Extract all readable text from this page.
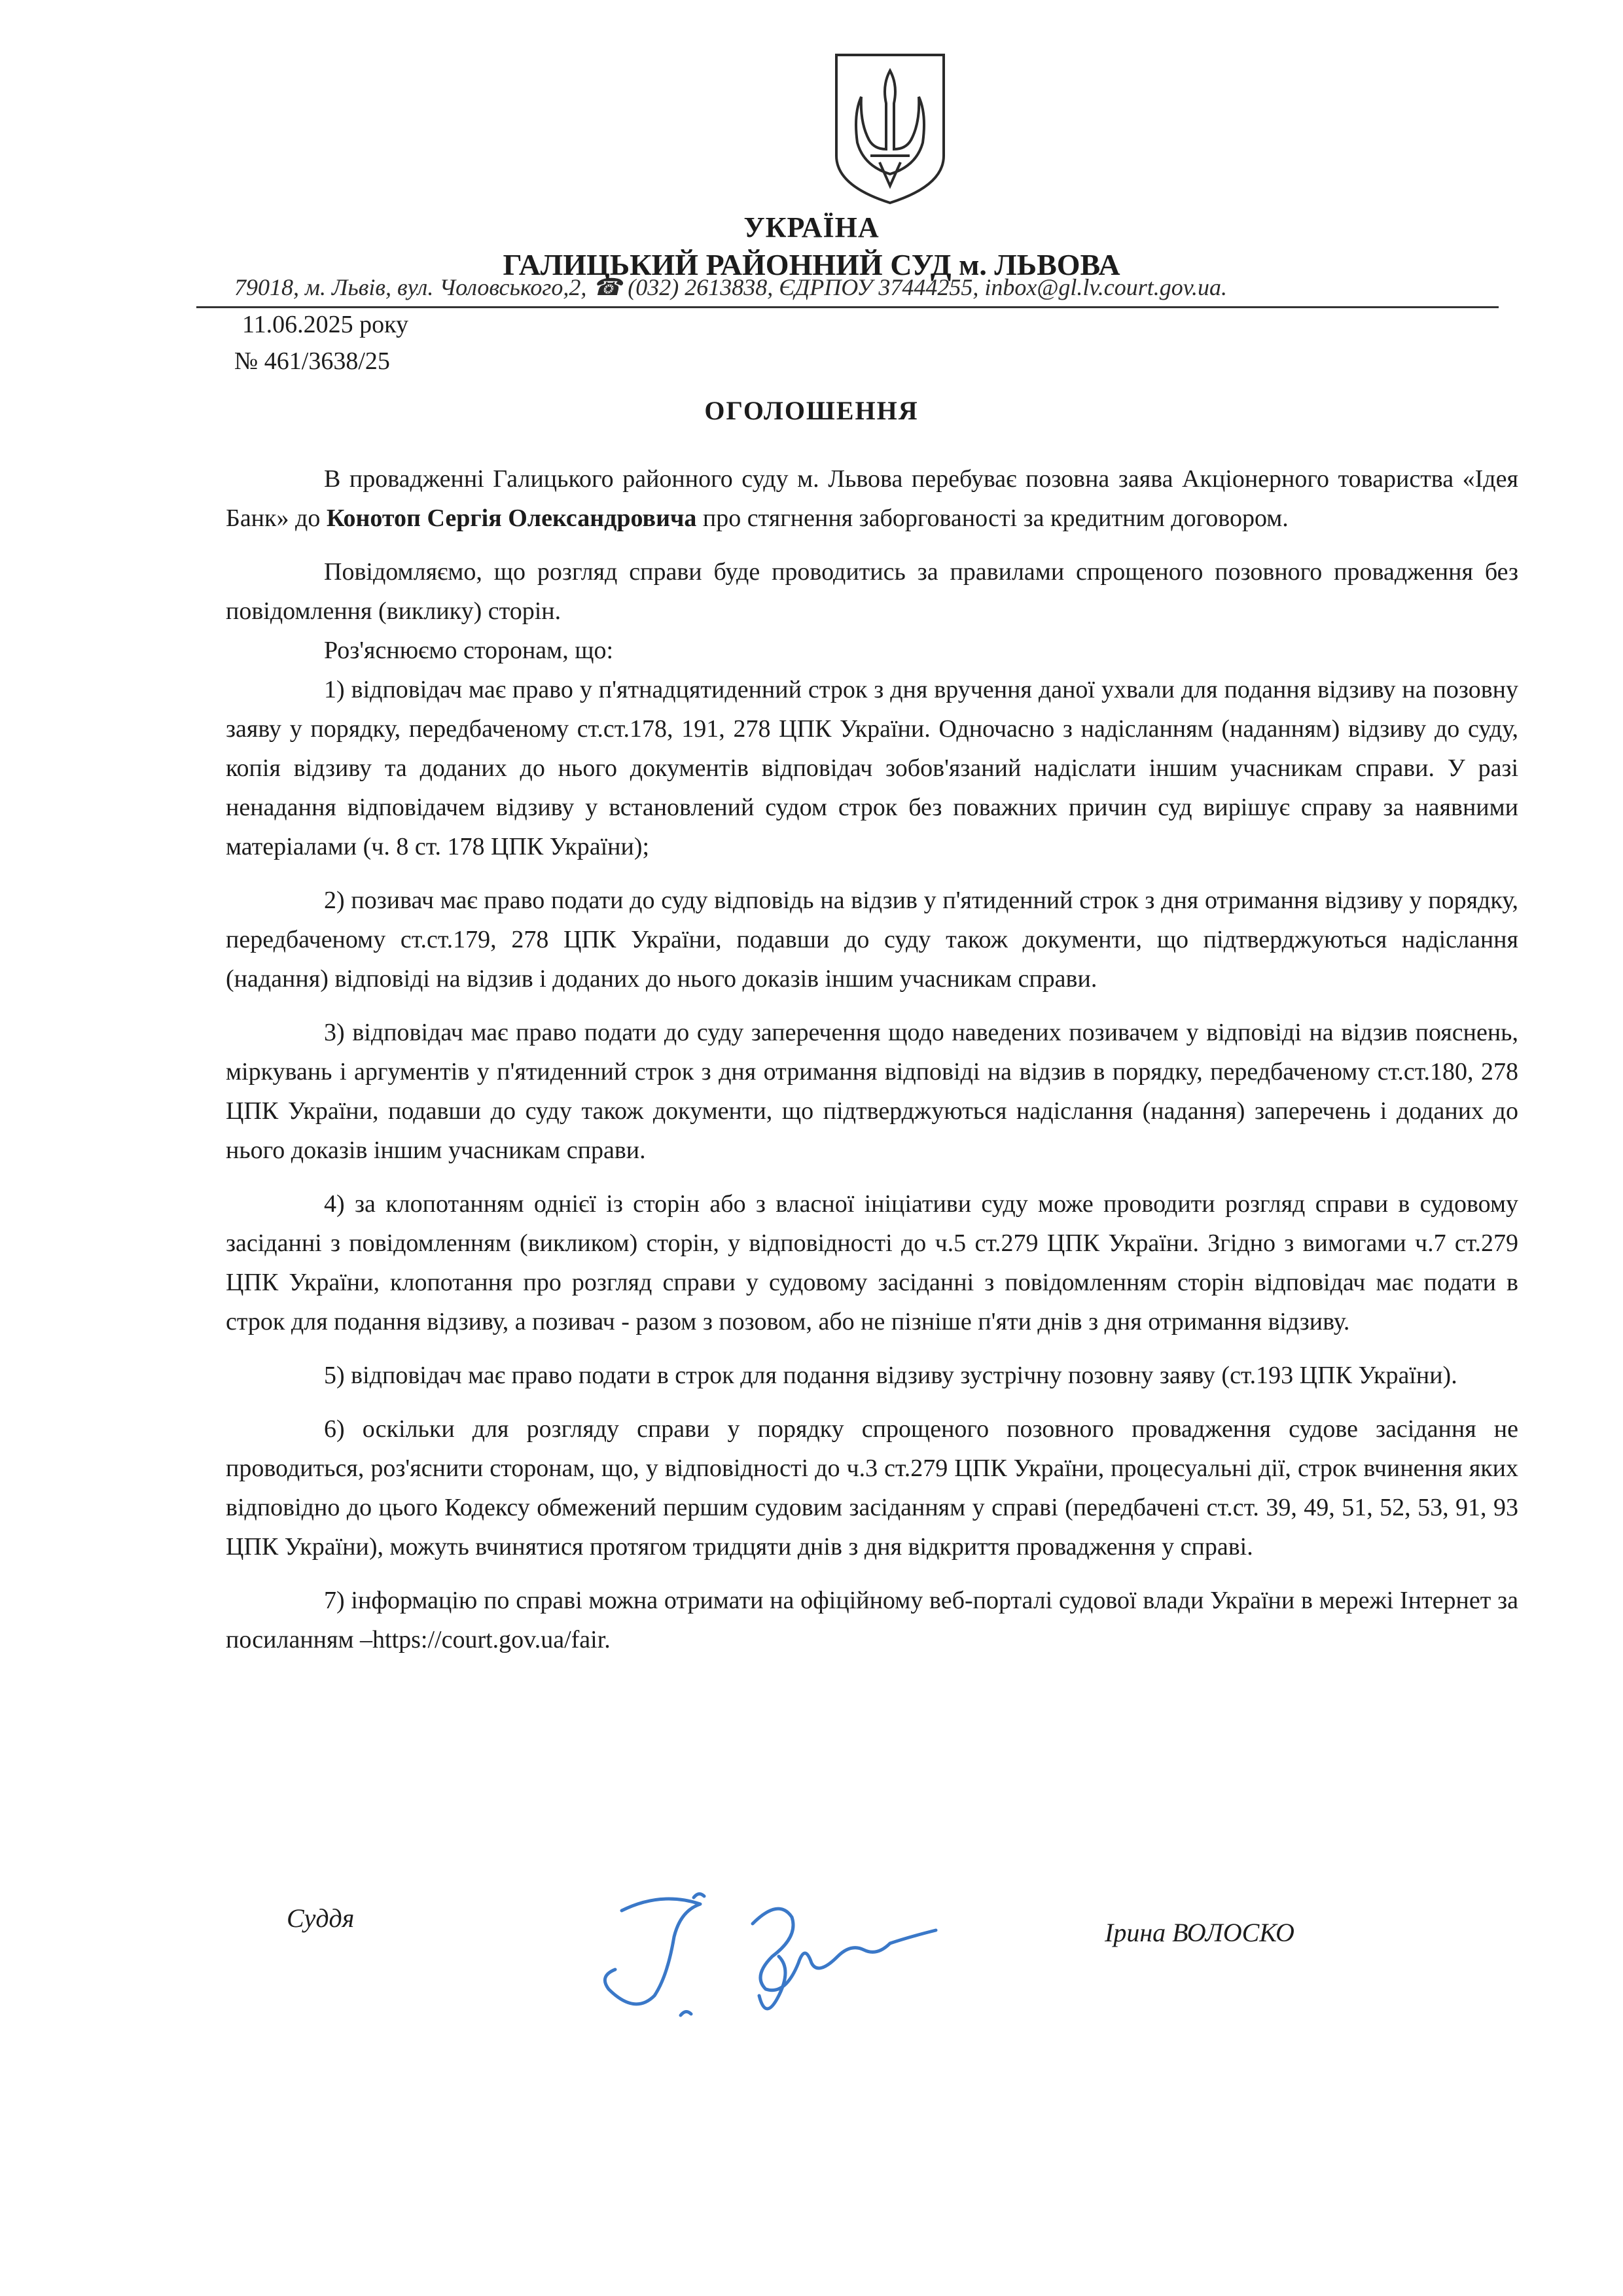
УКРАЇНА
ГАЛИЦЬКИЙ РАЙОННИЙ СУД м. ЛЬВОВА
79018, м. Львів, вул. Чоловського,2, ☎ (032) 2613838, ЄДРПОУ 37444255, inbox@gl.lv.court.gov.ua.
11.06.2025 року
№ 461/3638/25
ОГОЛОШЕННЯ

В провадженні Галицького районного суду м. Львова перебуває позовна заява Акціонерного товариства «Ідея Банк» до Конотоп Сергія Олександровича про стягнення заборгованості за кредитним договором.

Повідомляємо, що розгляд справи буде проводитись за правилами спрощеного позовного провадження без повідомлення (виклику) сторін.

Роз'яснюємо сторонам, що:

1) відповідач має право у п'ятнадцятиденний строк з дня вручення даної ухвали для подання відзиву на позовну заяву у порядку, передбаченому ст.ст.178, 191, 278 ЦПК України. Одночасно з надісланням (наданням) відзиву до суду, копія відзиву та доданих до нього документів відповідач зобов'язаний надіслати іншим учасникам справи. У разі ненадання відповідачем відзиву у встановлений судом строк без поважних причин суд вирішує справу за наявними матеріалами (ч. 8 ст. 178 ЦПК України);

2) позивач має право подати до суду відповідь на відзив у п'ятиденний строк з дня отримання відзиву у порядку, передбаченому ст.ст.179, 278 ЦПК України, подавши до суду також документи, що підтверджуються надіслання (надання) відповіді на відзив і доданих до нього доказів іншим учасникам справи.

3) відповідач має право подати до суду заперечення щодо наведених позивачем у відповіді на відзив пояснень, міркувань і аргументів у п'ятиденний строк з дня отримання відповіді на відзив в порядку, передбаченому ст.ст.180, 278 ЦПК України, подавши до суду також документи, що підтверджуються надіслання (надання) заперечень і доданих до нього доказів іншим учасникам справи.

4) за клопотанням однієї із сторін або з власної ініціативи суду може проводити розгляд справи в судовому засіданні з повідомленням (викликом) сторін, у відповідності до ч.5 ст.279 ЦПК України. Згідно з вимогами ч.7 ст.279 ЦПК України, клопотання про розгляд справи у судовому засіданні з повідомленням сторін відповідач має подати в строк для подання відзиву, а позивач - разом з позовом, або не пізніше п'яти днів з дня отримання відзиву.

5) відповідач має право подати в строк для подання відзиву зустрічну позовну заяву (ст.193 ЦПК України).

6) оскільки для розгляду справи у порядку спрощеного позовного провадження судове засідання не проводиться, роз'яснити сторонам, що, у відповідності до ч.3 ст.279 ЦПК України, процесуальні дії, строк вчинення яких відповідно до цього Кодексу обмежений першим судовим засіданням у справі (передбачені ст.ст. 39, 49, 51, 52, 53, 91, 93 ЦПК України), можуть вчинятися протягом тридцяти днів з дня відкриття провадження у справі.

7) інформацію по справі можна отримати на офіційному веб-порталі судової влади України в мережі Інтернет за посиланням –https://court.gov.ua/fair.

Суддя	Ірина ВОЛОСКО
